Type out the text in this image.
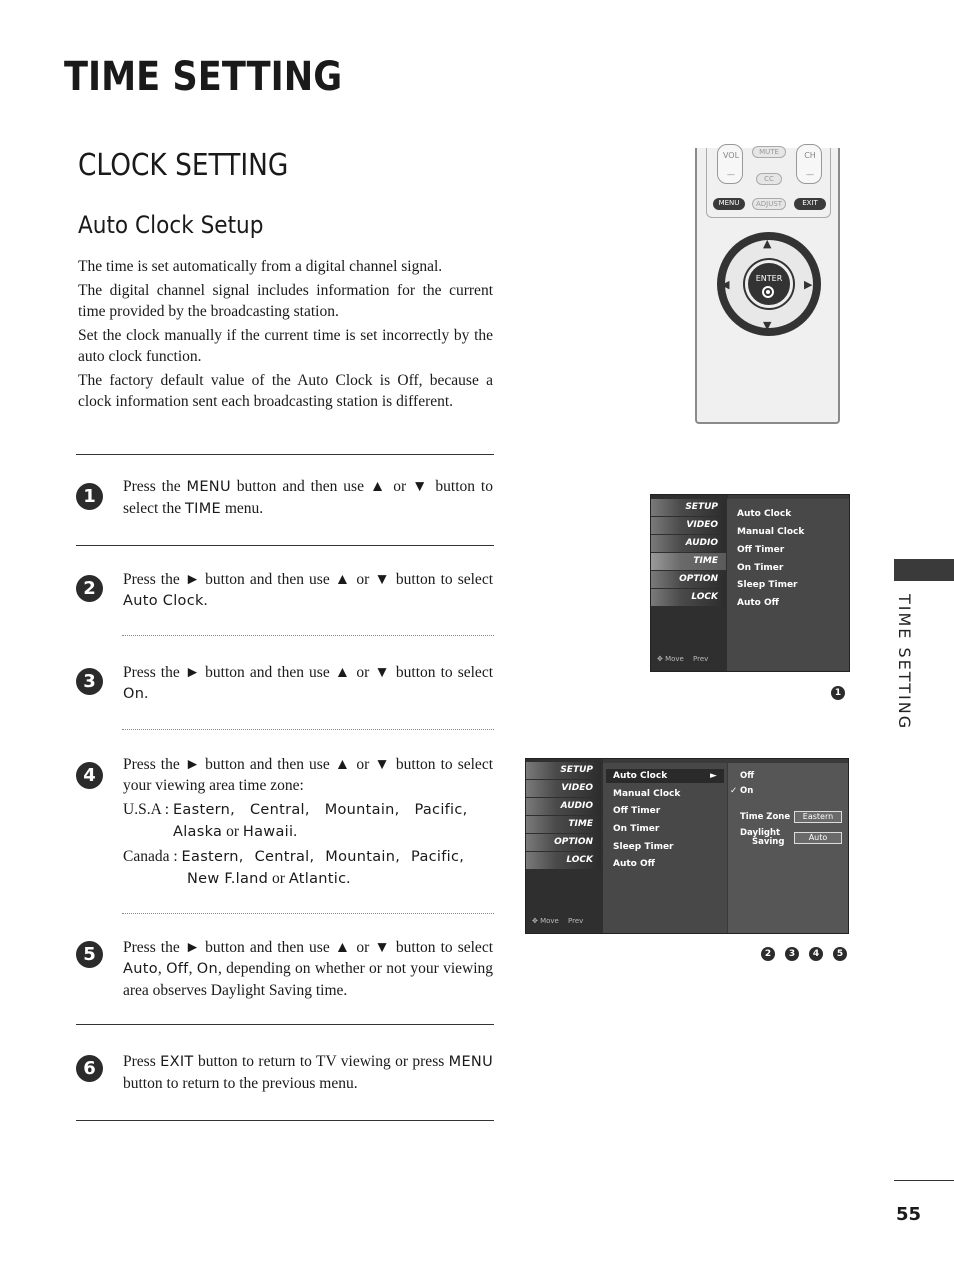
TIME SETTING
CLOCK SETTING
Auto Clock Setup

The time is set automatically from a digital channel signal.

The digital channel signal includes information for the current time provided by the broadcasting station.

Set the clock manually if the current time is set incorrectly by the auto clock function.

The factory default value of the Auto Clock is Off, because a clock information sent each broadcasting station is different.

1	Press the MENU button and then use ▲ or ▼ button to select the TIME menu.
2	Press the ► button and then use ▲ or ▼ button to select Auto Clock.
3	Press the ► button and then use ▲ or ▼ button to select On.
4
Press the ► button and then use ▲ or ▼ button to select your viewing area time zone:
U.S.A : Eastern, Central, Mountain, Pacific,
Alaska or Hawaii.
Canada : Eastern, Central, Mountain, Pacific,
New F.land or Atlantic.
5	Press the ► button and then use ▲ or ▼ button to select Auto, Off, On, depending on whether or not your viewing area observes Daylight Saving time.
6	Press EXIT button to return to TV viewing or press MENU button to return to the previous menu.
TIME SETTING
55
VOL
—
CH
—
MUTE
CC
MENU	ADJUST	EXIT
ENTER
▲
▼
◀	▶
SETUP
VIDEO
AUDIO
TIME
OPTION
LOCK
✥ Move Prev
Auto Clock
Manual Clock
Off Timer
On Timer
Sleep Timer
Auto Off
1
SETUP
VIDEO
AUDIO
TIME
OPTION
LOCK
✥ Move Prev
Auto Clock	►
Manual Clock
Off Timer
On Timer
Sleep Timer
Auto Off
Off
✓ On
Time Zone	Eastern
Daylight
Saving	Auto
2 3 4 5
